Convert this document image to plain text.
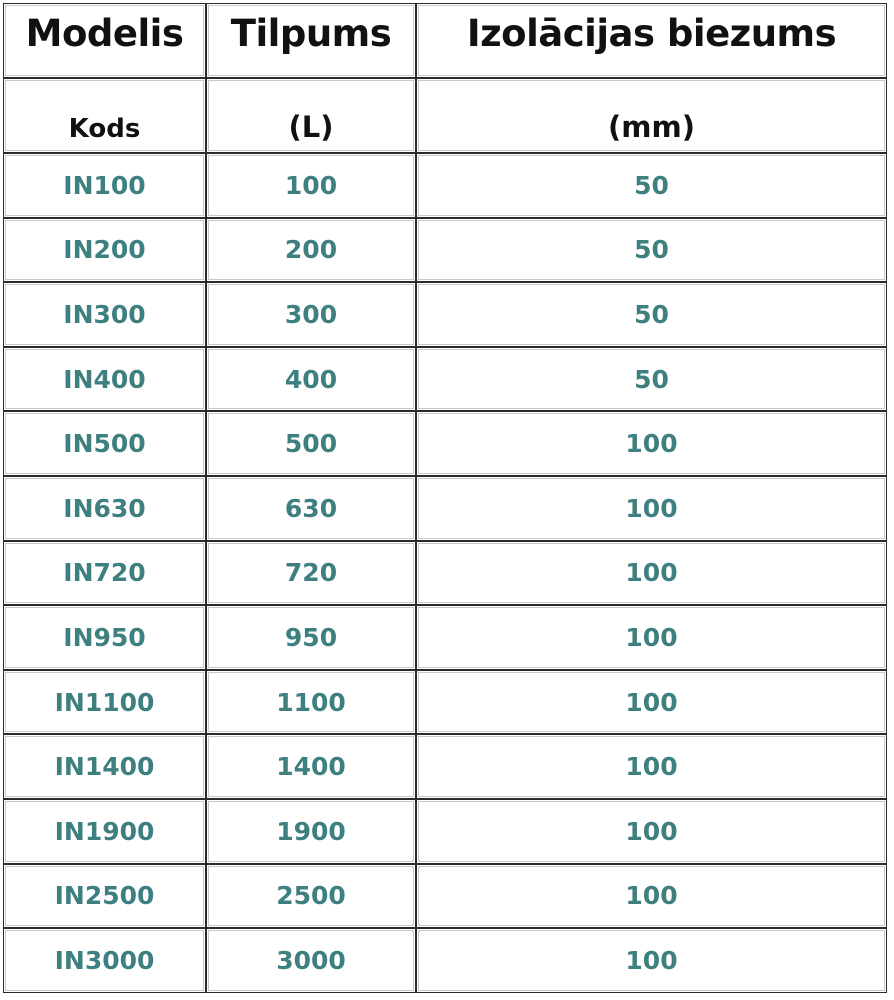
Modelis	Tilpums	Izolācijas biezums
Kods	(L)	(mm)
IN100	100	50
IN200	200	50
IN300	300	50
IN400	400	50
IN500	500	100
IN630	630	100
IN720	720	100
IN950	950	100
IN1100	1100	100
IN1400	1400	100
IN1900	1900	100
IN2500	2500	100
IN3000	3000	100
